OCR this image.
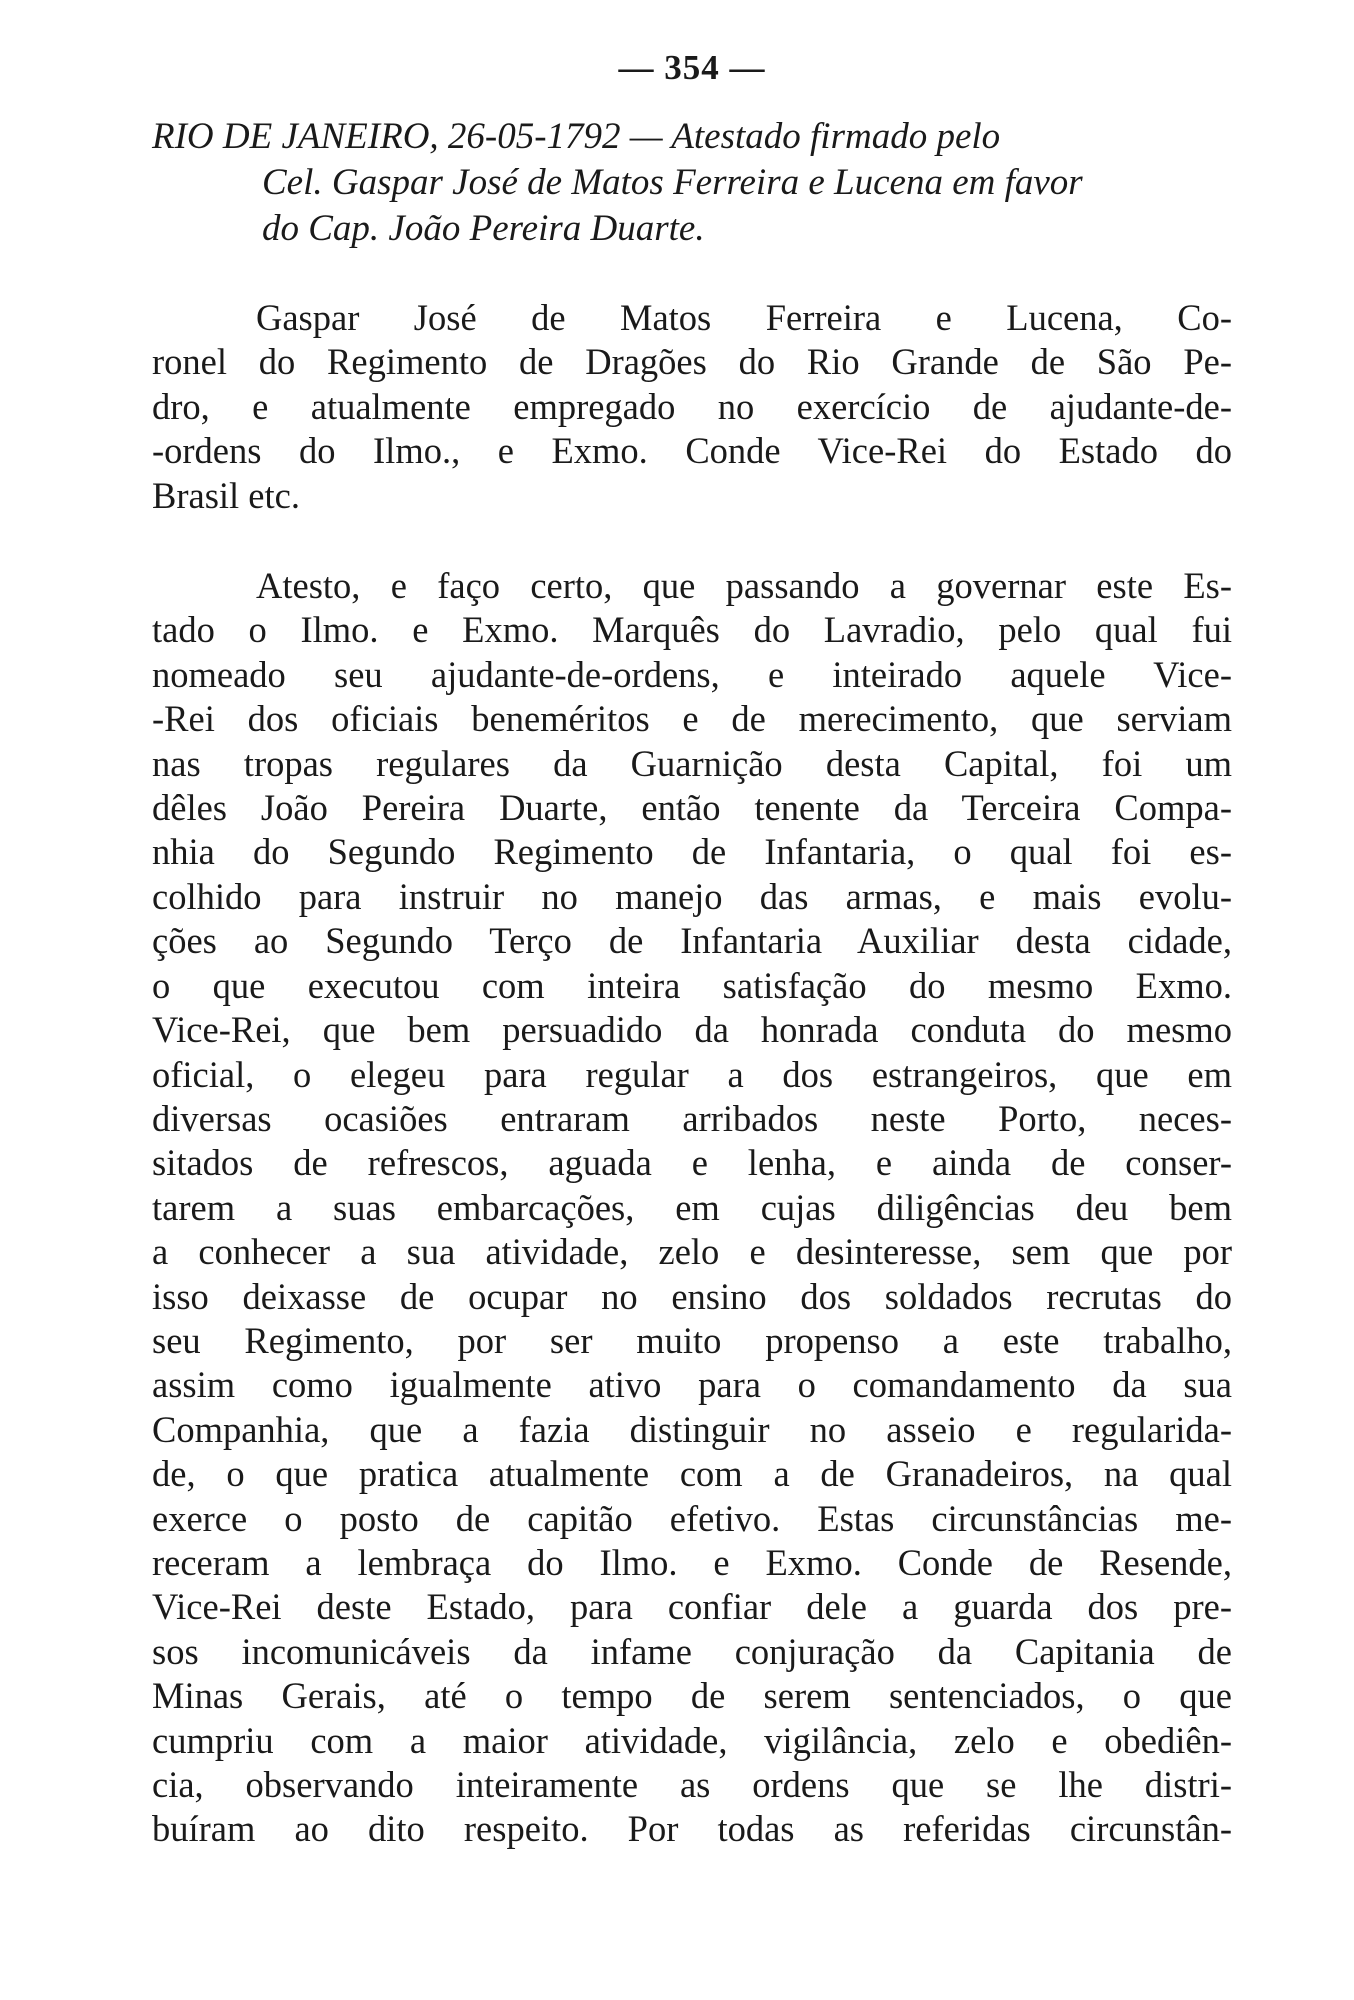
— 354 —
RIO DE JANEIRO, 26-05-1792 — Atestado firmado pelo
Cel. Gaspar José de Matos Ferreira e Lucena em favor
do Cap. João Pereira Duarte.
Gaspar José de Matos Ferreira e Lucena, Co-
ronel do Regimento de Dragões do Rio Grande de São Pe-
dro, e atualmente empregado no exercício de ajudante-de-
-ordens do Ilmo., e Exmo. Conde Vice-Rei do Estado do
Brasil etc.
Atesto, e faço certo, que passando a governar este Es-
tado o Ilmo. e Exmo. Marquês do Lavradio, pelo qual fui
nomeado seu ajudante-de-ordens, e inteirado aquele Vice-
-Rei dos oficiais beneméritos e de merecimento, que serviam
nas tropas regulares da Guarnição desta Capital, foi um
dêles João Pereira Duarte, então tenente da Terceira Compa-
nhia do Segundo Regimento de Infantaria, o qual foi es-
colhido para instruir no manejo das armas, e mais evolu-
ções ao Segundo Terço de Infantaria Auxiliar desta cidade,
o que executou com inteira satisfação do mesmo Exmo.
Vice-Rei, que bem persuadido da honrada conduta do mesmo
oficial, o elegeu para regular a dos estrangeiros, que em
diversas ocasiões entraram arribados neste Porto, neces-
sitados de refrescos, aguada e lenha, e ainda de conser-
tarem a suas embarcações, em cujas diligências deu bem
a conhecer a sua atividade, zelo e desinteresse, sem que por
isso deixasse de ocupar no ensino dos soldados recrutas do
seu Regimento, por ser muito propenso a este trabalho,
assim como igualmente ativo para o comandamento da sua
Companhia, que a fazia distinguir no asseio e regularida-
de, o que pratica atualmente com a de Granadeiros, na qual
exerce o posto de capitão efetivo. Estas circunstâncias me-
receram a lembraça do Ilmo. e Exmo. Conde de Resende,
Vice-Rei deste Estado, para confiar dele a guarda dos pre-
sos incomunicáveis da infame conjuração da Capitania de
Minas Gerais, até o tempo de serem sentenciados, o que
cumpriu com a maior atividade, vigilância, zelo e obediên-
cia, observando inteiramente as ordens que se lhe distri-
buíram ao dito respeito. Por todas as referidas circunstân-
